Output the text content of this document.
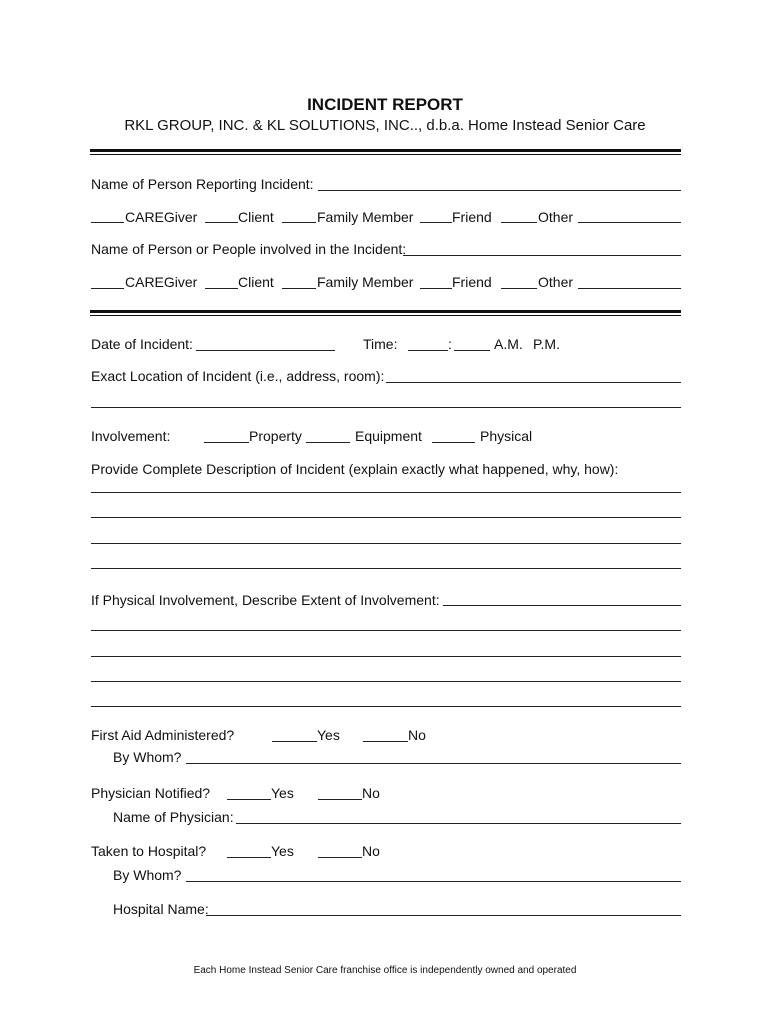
INCIDENT REPORT
RKL GROUP, INC. & KL SOLUTIONS, INC.., d.b.a. Home Instead Senior Care
Name of Person Reporting Incident:
CAREGiver	Client	Family Member	Friend	Other
Name of Person or People involved in the Incident:
CAREGiver	Client	Family Member	Friend	Other
Date of Incident:	Time:	:	A.M. P.M.
Exact Location of Incident (i.e., address, room):
Involvement:	Property	Equipment	Physical
Provide Complete Description of Incident (explain exactly what happened, why, how):
If Physical Involvement, Describe Extent of Involvement:
First Aid Administered?	Yes	No
By Whom?
Physician Notified?	Yes	No
Name of Physician:
Taken to Hospital?	Yes	No
By Whom?
Hospital Name:
Each Home Instead Senior Care franchise office is independently owned and operated
